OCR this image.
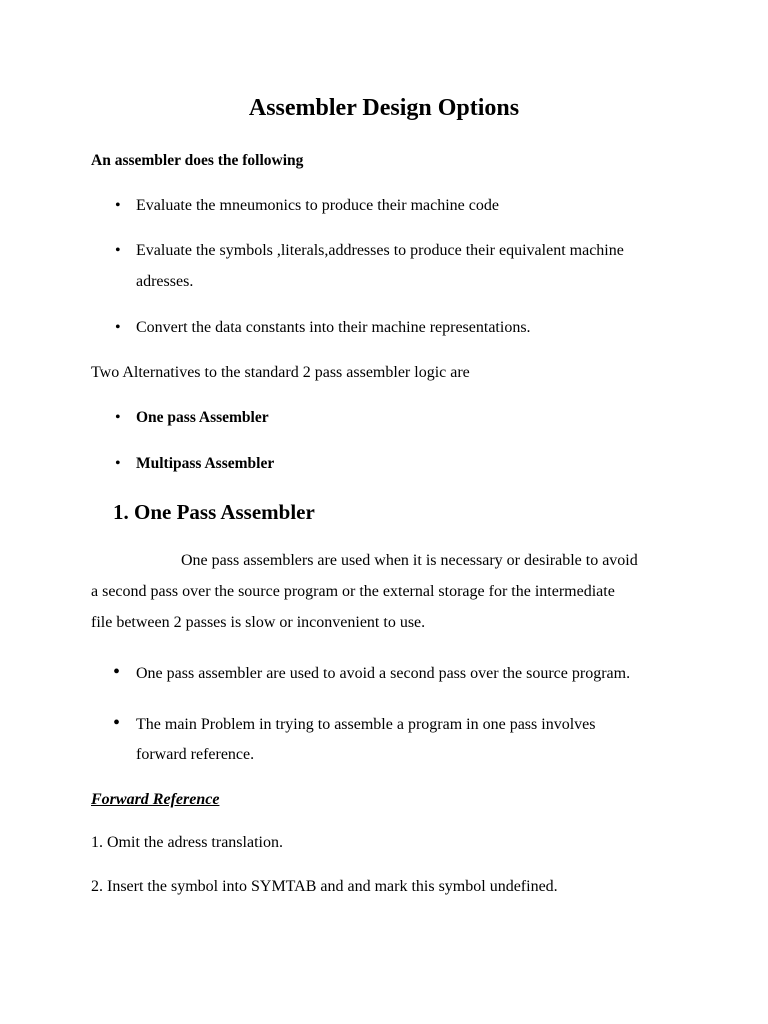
Assembler Design Options
An assembler does the following
• Evaluate the mneumonics to produce their machine code
• Evaluate the symbols ,literals,addresses to produce their equivalent machine
adresses.
• Convert the data constants into their machine representations.
Two Alternatives to the standard 2 pass assembler logic are
• One pass Assembler
• Multipass Assembler
1. One Pass Assembler
One pass assemblers are used when it is necessary or desirable to avoid
a second pass over the source program or the external storage for the intermediate
file between 2 passes is slow or inconvenient to use.
• One pass assembler are used to avoid a second pass over the source program.
• The main Problem in trying to assemble a program in one pass involves
forward reference.
Forward Reference
1. Omit the adress translation.
2. Insert the symbol into SYMTAB and and mark this symbol undefined.
